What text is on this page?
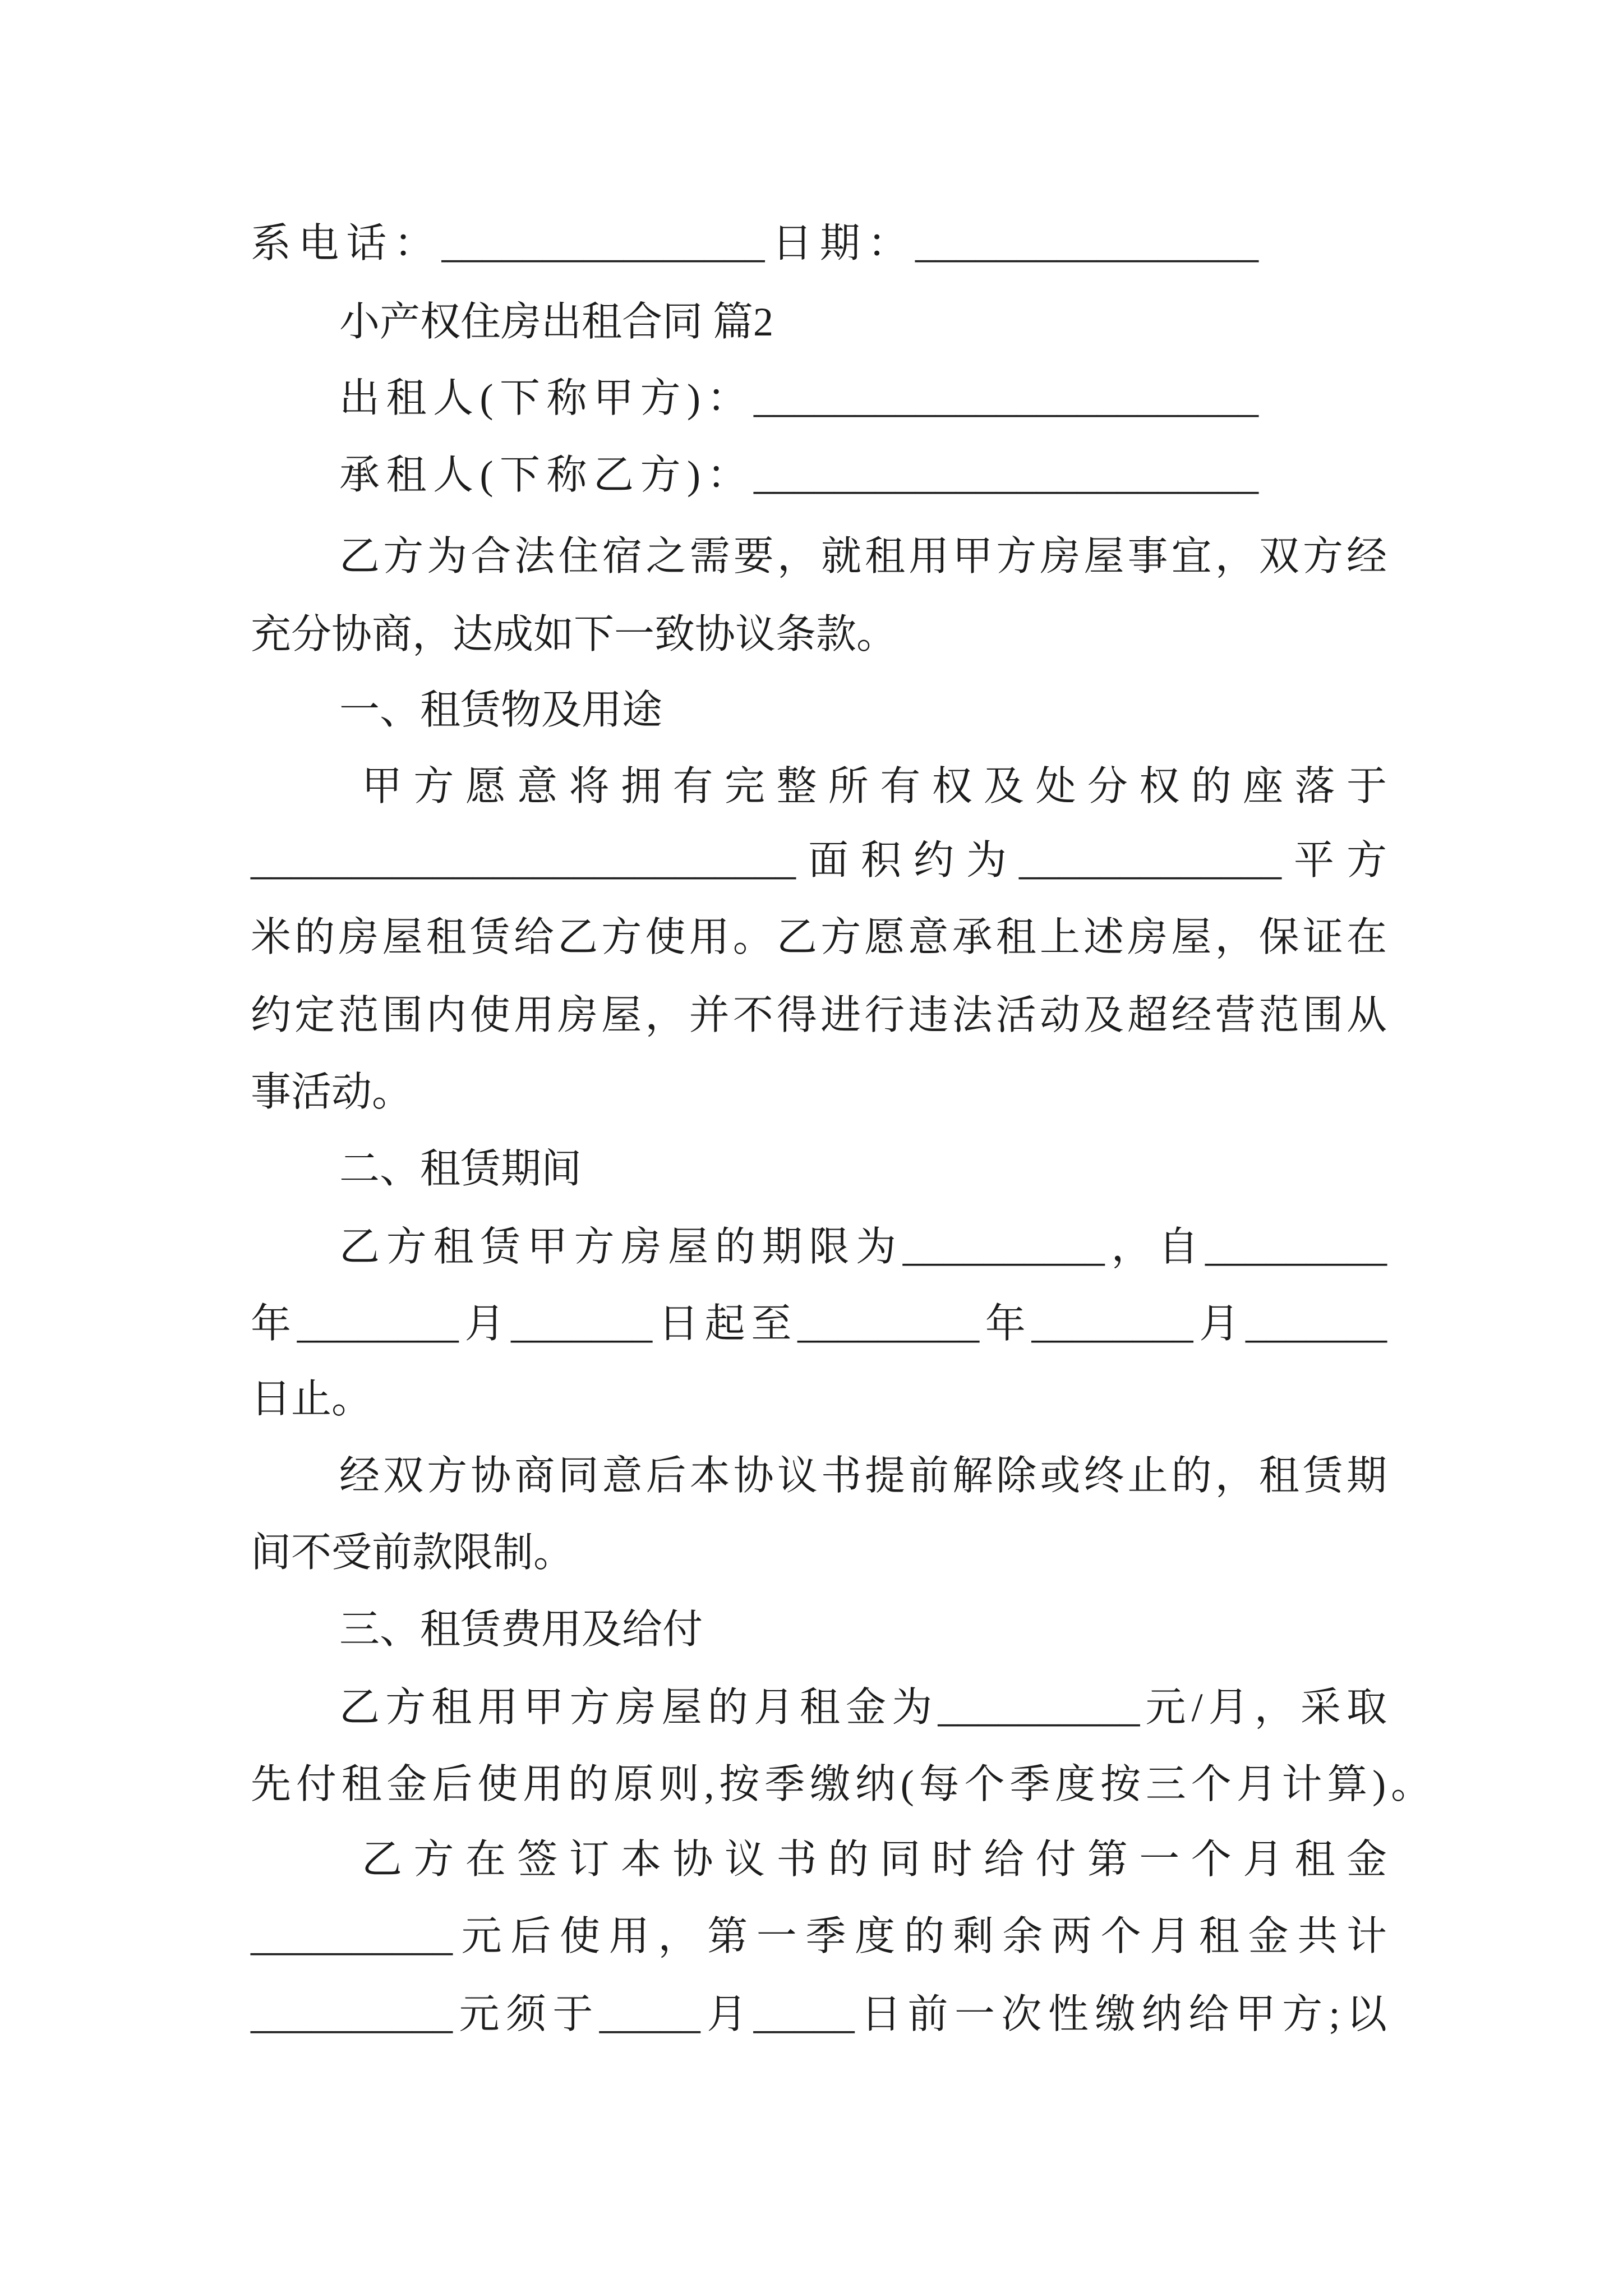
系电话：________________日期：_________________
小产权住房出租合同 篇2
出租人(下称甲方)：_________________________
承租人(下称乙方)：_________________________
乙方为合法住宿之需要，就租用甲方房屋事宜，双方经
充分协商，达成如下一致协议条款。
一、租赁物及用途
甲方愿意将拥有完整所有权及处分权的座落于
___________________________面积约为_____________平方
米的房屋租赁给乙方使用。乙方愿意承租上述房屋，保证在
约定范围内使用房屋，并不得进行违法活动及超经营范围从
事活动。
二、租赁期间
乙方租赁甲方房屋的期限为__________，自_________
年________月_______日起至_________年________月_______
日止。
经双方协商同意后本协议书提前解除或终止的，租赁期
间不受前款限制。
三、租赁费用及给付
乙方租用甲方房屋的月租金为__________元/月，采取
先付租金后使用的原则,按季缴纳(每个季度按三个月计算)。
乙方在签订本协议书的同时给付第一个月租金
__________元后使用，第一季度的剩余两个月租金共计
__________元须于_____月_____日前一次性缴纳给甲方;以
